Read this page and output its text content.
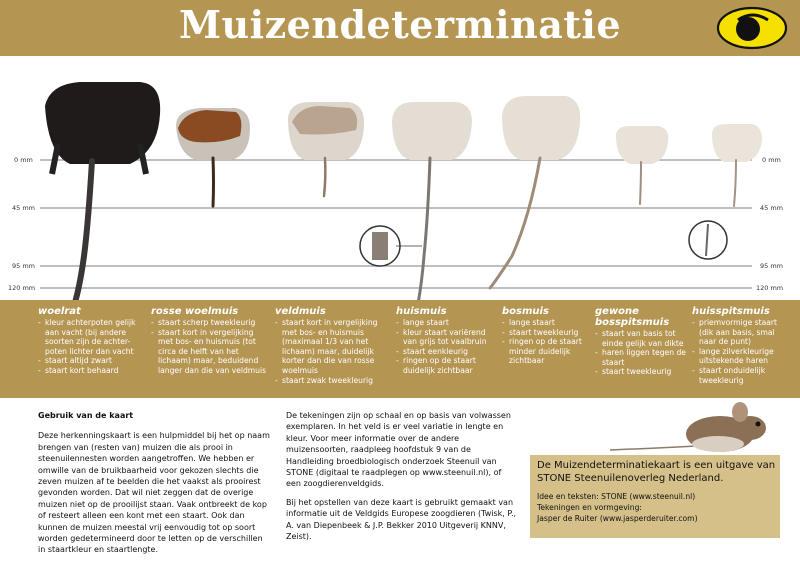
Muizendeterminatie
0 mm
45 mm
95 mm
120 mm
0 mm
45 mm
95 mm
120 mm
woelrat
- kleur achterpoten gelijk aan vacht (bij andere soorten zijn de achter-poten lichter dan vacht
- staart altijd zwart
- staart kort behaard
rosse woelmuis
- staart scherp tweekleurig
- staart kort in vergelijking met bos- en huismuis (tot circa de helft van het lichaam) maar, beduidend langer dan die van veldmuis
veldmuis
- staart kort in vergelijking met bos- en huismuis (maximaal 1/3 van het lichaam) maar, duidelijk korter dan die van rosse woelmuis
- staart zwak tweekleurig
huismuis
- lange staart
- kleur staart variërend van grijs tot vaalbruin
- staart eenkleurig
- ringen op de staart duidelijk zichtbaar
bosmuis
- lange staart
- staart tweekleurig
- ringen op de staart minder duidelijk zichtbaar
gewone bosspitsmuis
- staart van basis tot einde gelijk van dikte
- haren liggen tegen de staart
- staart tweekleurig
huisspitsmuis
- priemvormige staart (dik aan basis, smal naar de punt)
- lange zilverkleurige uitstekende haren
- staart onduidelijk tweekleurig

Gebruik van de kaart

Deze herkenningskaart is een hulpmiddel bij het op naam brengen van (resten van) muizen die als prooi in steenuilennesten worden aangetroffen. We hebben er omwille van de bruikbaarheid voor gekozen slechts die zeven muizen af te beelden die het vaakst als prooirest gevonden worden. Dat wil niet zeggen dat de overige muizen niet op de prooilijst staan. Vaak ontbreekt de kop of resteert alleen een kont met een staart. Ook dan kunnen de muizen meestal vrij eenvoudig tot op soort worden gedetermineerd door te letten op de verschillen in staartkleur en staartlengte.

De tekeningen zijn op schaal en op basis van volwassen exemplaren. In het veld is er veel variatie in lengte en kleur. Voor meer informatie over de andere muizensoorten, raadpleeg hoofdstuk 9 van de Handleiding broedbiologisch onderzoek Steenuil van STONE (digitaal te raadplegen op www.steenuil.nl), of een zoogdierenveldgids.

Bij het opstellen van deze kaart is gebruikt gemaakt van informatie uit de Veldgids Europese zoogdieren (Twisk, P., A. van Diepenbeek & J.P. Bekker 2010 Uitgeverij KNNV, Zeist).

De Muizendeterminatiekaart is een uitgave van STONE Steenuilenoverleg Nederland.
Idee en teksten: STONE (www.steenuil.nl)
Tekeningen en vormgeving:
Jasper de Ruiter (www.jasperderuiter.com)
